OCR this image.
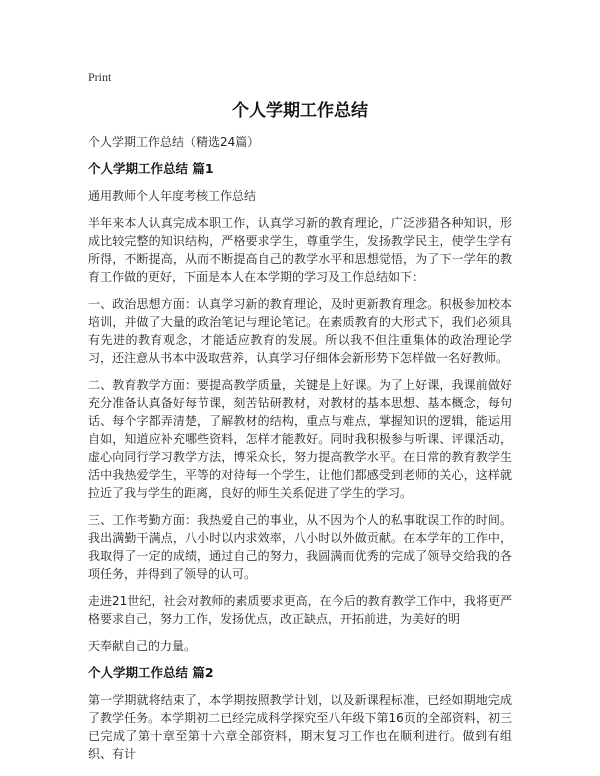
Print
个人学期工作总结

个人学期工作总结（精选24篇）

个人学期工作总结 篇1

通用教师个人年度考核工作总结

半年来本人认真完成本职工作，认真学习新的教育理论，广泛涉猎各种知识，形成比较完整的知识结构，严格要求学生，尊重学生，发扬教学民主，使学生学有所得，不断提高，从而不断提高自己的教学水平和思想觉悟，为了下一学年的教育工作做的更好，下面是本人在本学期的学习及工作总结如下：

一、政治思想方面：认真学习新的教育理论，及时更新教育理念。积极参加校本培训，并做了大量的政治笔记与理论笔记。在素质教育的大形式下，我们必须具有先进的教育观念，才能适应教育的发展。所以我不但注重集体的政治理论学习，还注意从书本中汲取营养，认真学习仔细体会新形势下怎样做一名好教师。

二、教育教学方面：要提高教学质量，关键是上好课。为了上好课，我课前做好充分准备认真备好每节课，刻苦钻研教材，对教材的基本思想、基本概念，每句话、每个字都弄清楚，了解教材的结构，重点与难点，掌握知识的逻辑，能运用自如，知道应补充哪些资料，怎样才能教好。同时我积极参与听课、评课活动，虚心向同行学习教学方法，博采众长，努力提高教学水平。在日常的教育教学生活中我热爱学生，平等的对待每一个学生，让他们都感受到老师的关心，这样就拉近了我与学生的距离，良好的师生关系促进了学生的学习。

三、工作考勤方面：我热爱自己的事业，从不因为个人的私事耽误工作的时间。我出满勤干满点，八小时以内求效率，八小时以外做贡献。在本学年的工作中，我取得了一定的成绩，通过自己的努力，我圆满而优秀的完成了领导交给我的各项任务，并得到了领导的认可。

走进21世纪，社会对教师的素质要求更高，在今后的教育教学工作中，我将更严格要求自己，努力工作，发扬优点，改正缺点，开拓前进，为美好的明

天奉献自己的力量。

个人学期工作总结 篇2

第一学期就将结束了，本学期按照教学计划，以及新课程标准，已经如期地完成了教学任务。本学期初二已经完成科学探究至八年级下第16页的全部资料，初三已完成了第十章至第十六章全部资料，期末复习工作也在顺利进行。做到有组织、有计
